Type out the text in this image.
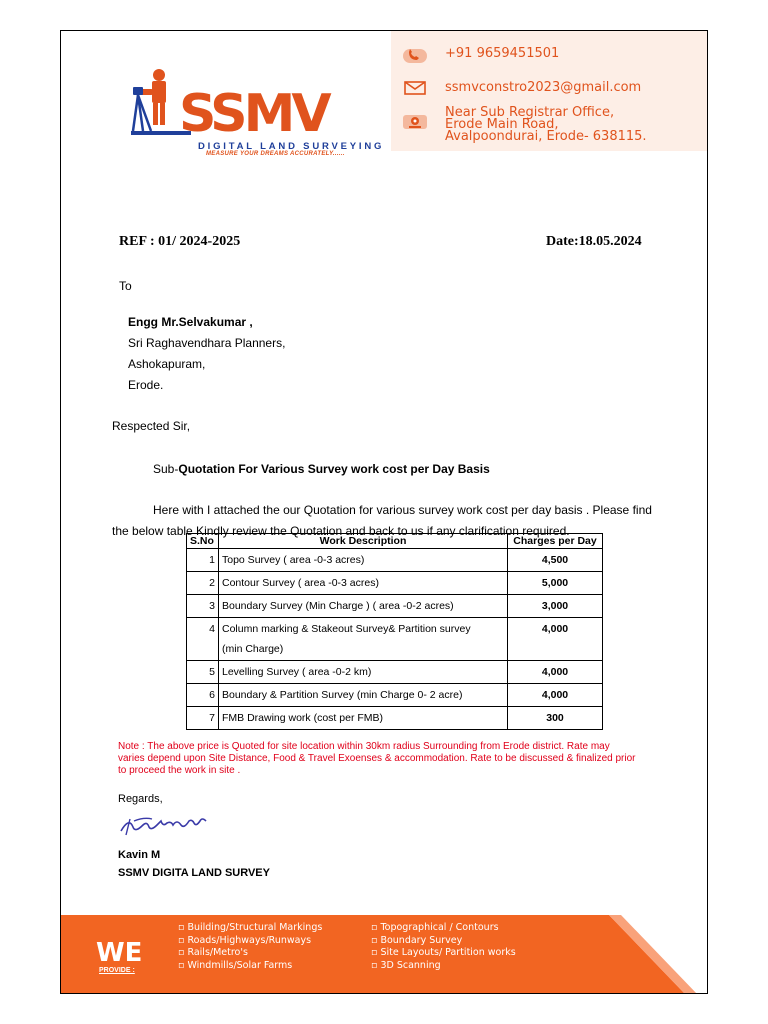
SSMV
DIGITAL LAND SURVEYING
MEASURE YOUR DREAMS ACCURATELY......
+91 9659451501
ssmvconstro2023@gmail.com
Near Sub Registrar Office,
Erode Main Road,
Avalpoondurai, Erode- 638115.
REF : 01/ 2024-2025	Date:18.05.2024
To
Engg Mr.Selvakumar ,
Sri Raghavendhara Planners,
Ashokapuram,
Erode.
Respected Sir,
Sub-Quotation For Various Survey work cost per Day Basis
Here with I attached the our Quotation for various survey work cost per day basis . Please find
the below table Kindly review the Quotation and back to us if any clarification required.
S.No	Work Description	Charges per Day
1	Topo Survey ( area -0-3 acres)	4,500
2	Contour Survey ( area -0-3 acres)	5,000
3	Boundary Survey (Min Charge ) ( area -0-2 acres)	3,000
4	Column marking & Stakeout Survey& Partition survey
(min Charge)	4,000
5	Levelling Survey ( area -0-2 km)	4,000
6	Boundary & Partition Survey (min Charge 0- 2 acre)	4,000
7	FMB Drawing work (cost per FMB)	300
Note : The above price is Quoted for site location within 30km radius Surrounding from Erode district. Rate may
varies depend upon Site Distance, Food & Travel Exoenses & accommodation. Rate to be discussed & finalized prior
to proceed the work in site .
Regards,
Kavin M
SSMV DIGITA LAND SURVEY
WE
PROVIDE :
▫ Building/Structural Markings
▫ Roads/Highways/Runways
▫ Rails/Metro's
▫ Windmills/Solar Farms
▫ Topographical / Contours
▫ Boundary Survey
▫ Site Layouts/ Partition works
▫ 3D Scanning
